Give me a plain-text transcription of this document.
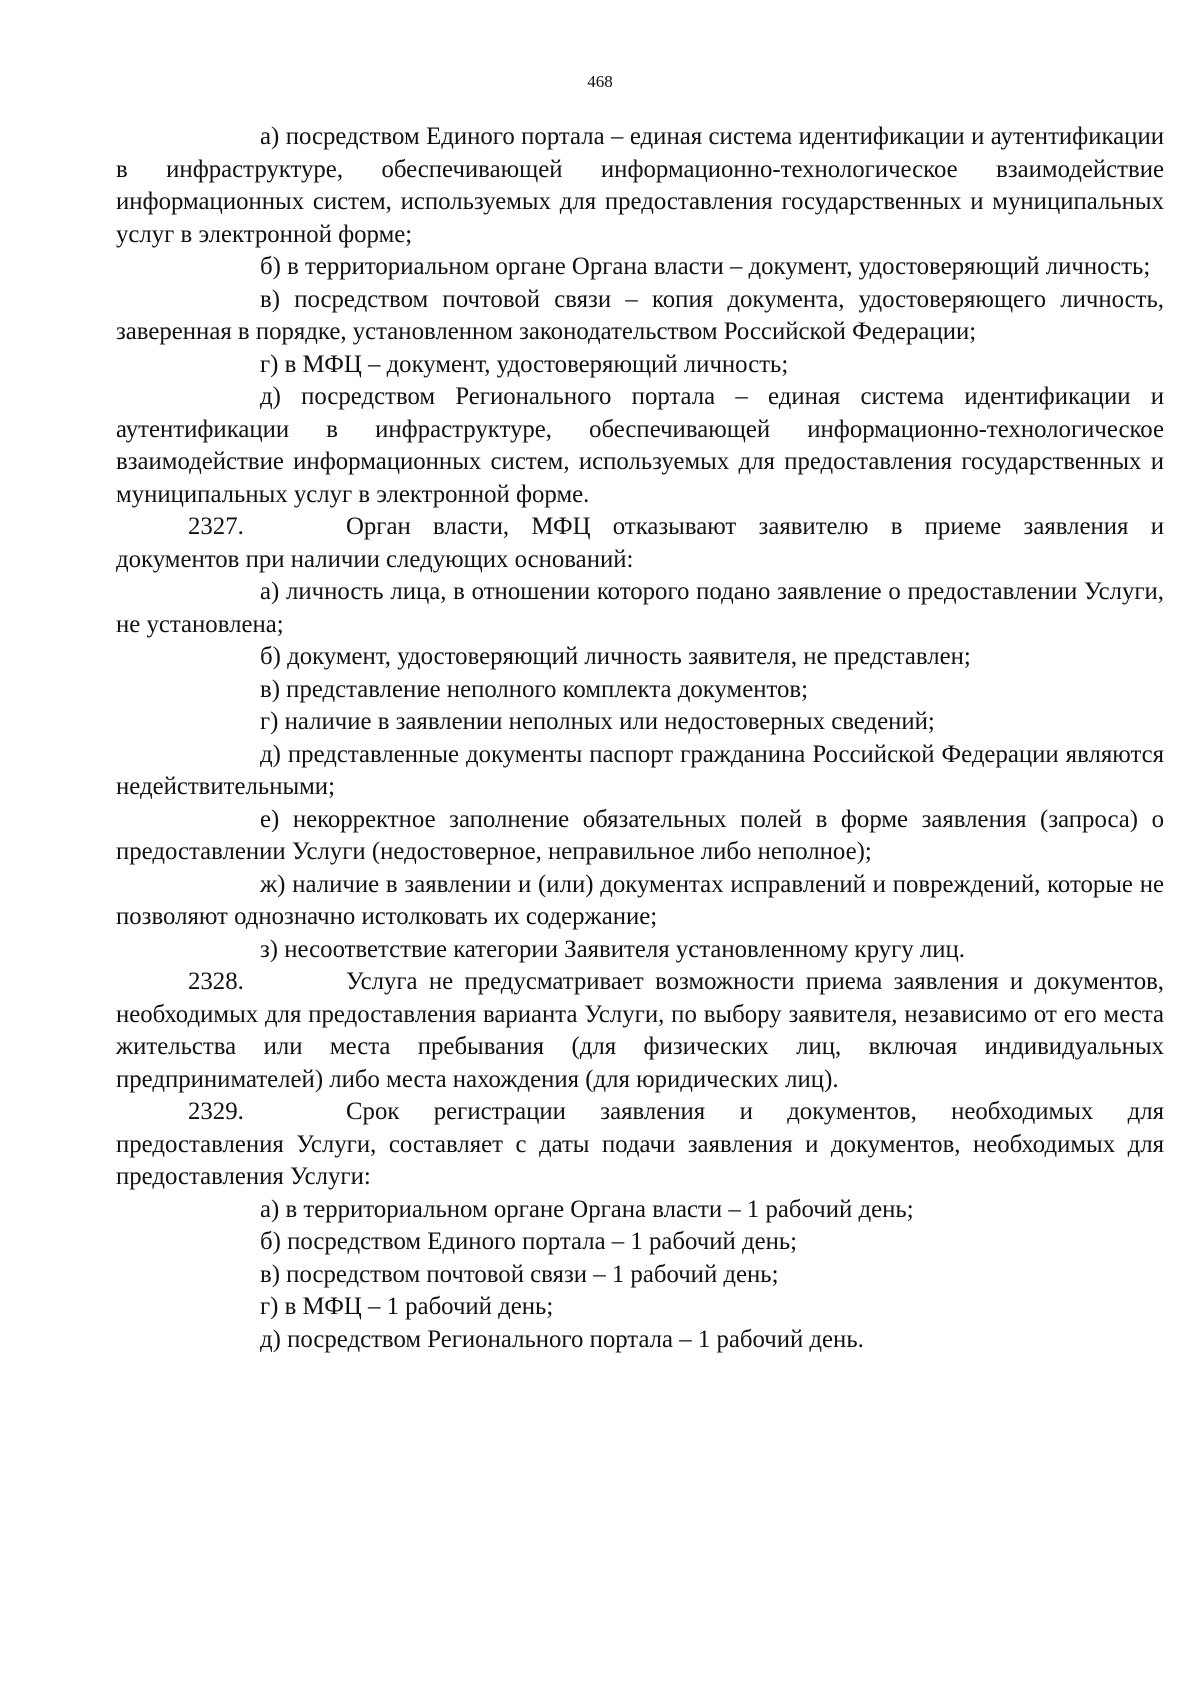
468

а) посредством Единого портала – единая система идентификации и аутентификации в инфраструктуре, обеспечивающей информационно-технологическое взаимодействие информационных систем, используемых для предоставления государственных и муниципальных услуг в электронной форме;

б) в территориальном органе Органа власти – документ, удостоверяющий личность;

в) посредством почтовой связи – копия документа, удостоверяющего личность, заверенная в порядке, установленном законодательством Российской Федерации;

г) в МФЦ – документ, удостоверяющий личность;

д) посредством Регионального портала – единая система идентификации и аутентификации в инфраструктуре, обеспечивающей информационно-технологическое взаимодействие информационных систем, используемых для предоставления государственных и муниципальных услуг в электронной форме.

2327.	Орган власти, МФЦ отказывают заявителю в приеме заявления и документов при наличии следующих оснований:

а) личность лица, в отношении которого подано заявление о предоставлении Услуги, не установлена;

б) документ, удостоверяющий личность заявителя, не представлен;

в) представление неполного комплекта документов;

г) наличие в заявлении неполных или недостоверных сведений;

д) представленные документы паспорт гражданина Российской Федерации являются недействительными;

е) некорректное заполнение обязательных полей в форме заявления (запроса) о предоставлении Услуги (недостоверное, неправильное либо неполное);

ж) наличие в заявлении и (или) документах исправлений и повреждений, которые не позволяют однозначно истолковать их содержание;

з) несоответствие категории Заявителя установленному кругу лиц.

2328.	Услуга не предусматривает возможности приема заявления и документов, необходимых для предоставления варианта Услуги, по выбору заявителя, независимо от его места жительства или места пребывания (для физических лиц, включая индивидуальных предпринимателей) либо места нахождения (для юридических лиц).

2329.	Срок регистрации заявления и документов, необходимых для предоставления Услуги, составляет с даты подачи заявления и документов, необходимых для предоставления Услуги:

а) в территориальном органе Органа власти – 1 рабочий день;

б) посредством Единого портала – 1 рабочий день;

в) посредством почтовой связи – 1 рабочий день;

г) в МФЦ – 1 рабочий день;

д) посредством Регионального портала – 1 рабочий день.
